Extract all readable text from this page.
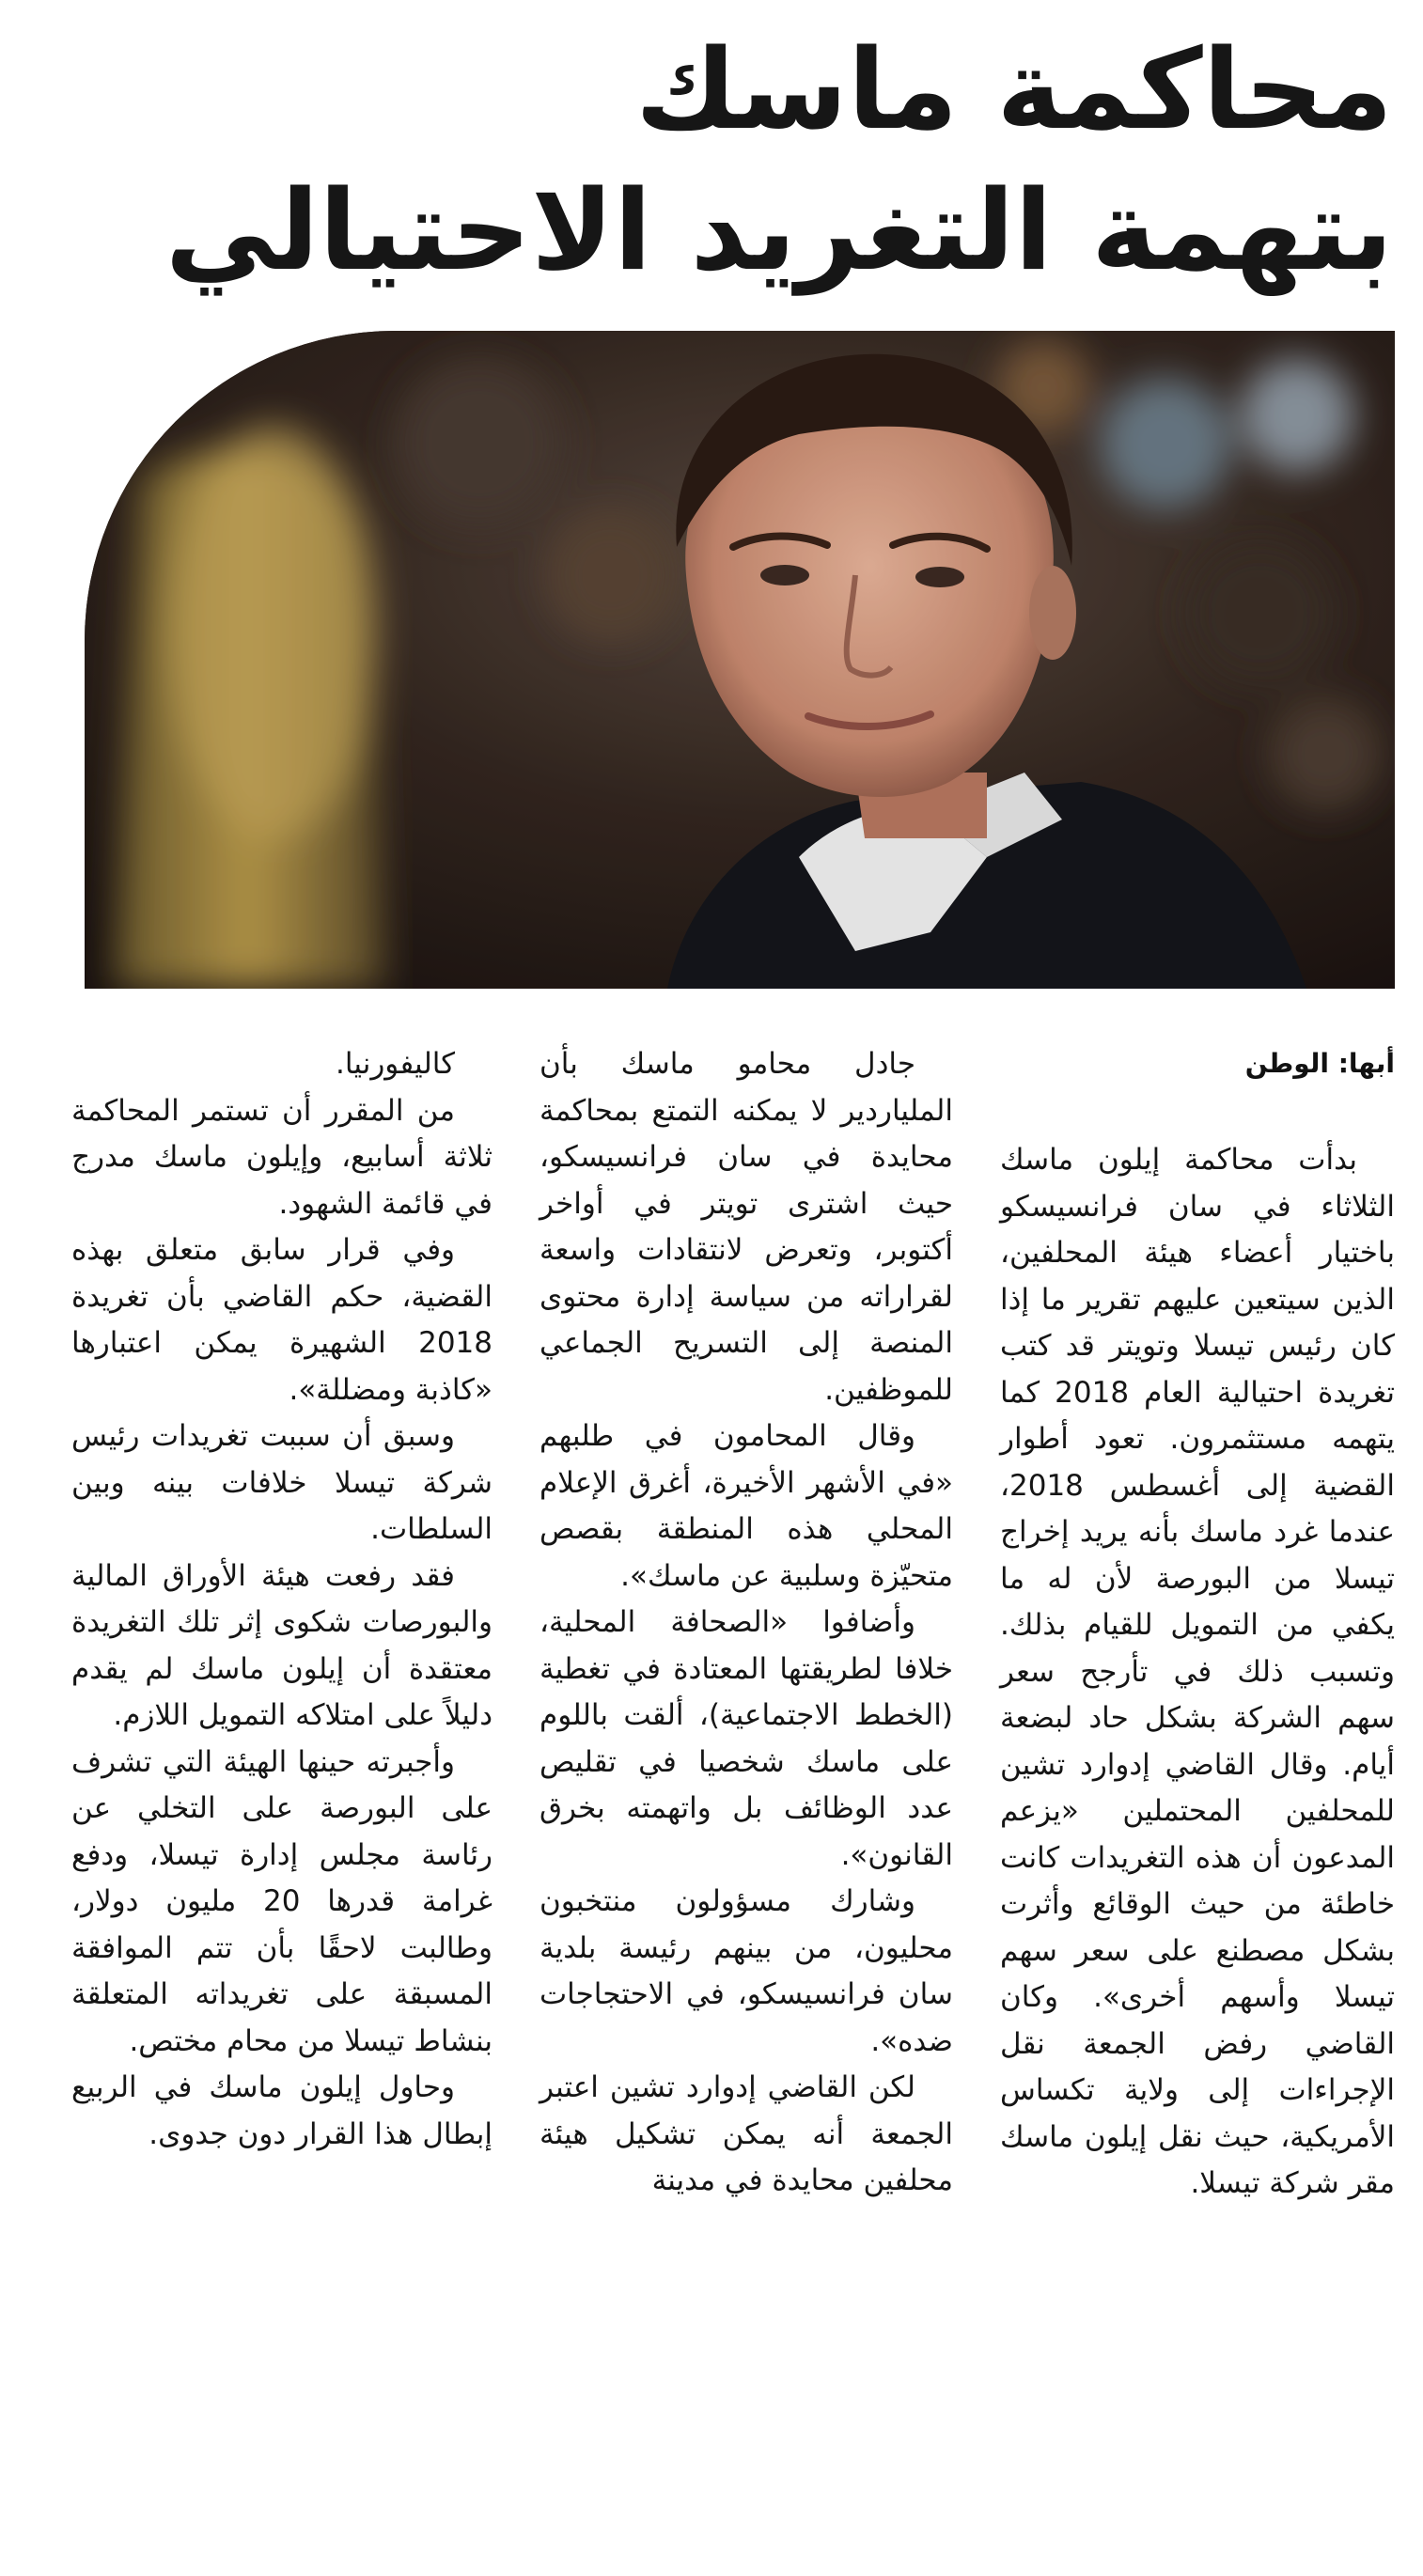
محاكمة ماسك
بتهمة التغريد الاحتيالي
أبها: الوطن

بدأت محاكمة إيلون ماسك الثلاثاء في سان فرانسيسكو باختيار أعضاء هيئة المحلفين، الذين سيتعين عليهم تقرير ما إذا كان رئيس تيسلا وتويتر قد كتب تغريدة احتيالية العام 2018 كما يتهمه مستثمرون. تعود أطوار القضية إلى أغسطس 2018، عندما غرد ماسك بأنه يريد إخراج تيسلا من البورصة لأن له ما يكفي من التمويل للقيام بذلك. وتسبب ذلك في تأرجح سعر سهم الشركة بشكل حاد لبضعة أيام. وقال القاضي إدوارد تشين للمحلفين المحتملين «يزعم المدعون أن هذه التغريدات كانت خاطئة من حيث الوقائع وأثرت بشكل مصطنع على سعر سهم تيسلا وأسهم أخرى». وكان القاضي رفض الجمعة نقل الإجراءات إلى ولاية تكساس الأمريكية، حيث نقل إيلون ماسك مقر شركة تيسلا.

جادل محامو ماسك بأن الملياردير لا يمكنه التمتع بمحاكمة محايدة في سان فرانسيسكو، حيث اشترى تويتر في أواخر أكتوبر، وتعرض لانتقادات واسعة لقراراته من سياسة إدارة محتوى المنصة إلى التسريح الجماعي للموظفين.

وقال المحامون في طلبهم «في الأشهر الأخيرة، أغرق الإعلام المحلي هذه المنطقة بقصص متحيّزة وسلبية عن ماسك».

وأضافوا «الصحافة المحلية، خلافا لطريقتها المعتادة في تغطية (الخطط الاجتماعية)، ألقت باللوم على ماسك شخصيا في تقليص عدد الوظائف بل واتهمته بخرق القانون».

وشارك مسؤولون منتخبون محليون، من بينهم رئيسة بلدية سان فرانسيسكو، في الاحتجاجات ضده».

لكن القاضي إدوارد تشين اعتبر الجمعة أنه يمكن تشكيل هيئة محلفين محايدة في مدينة

كاليفورنيا.

من المقرر أن تستمر المحاكمة ثلاثة أسابيع، وإيلون ماسك مدرج في قائمة الشهود.

وفي قرار سابق متعلق بهذه القضية، حكم القاضي بأن تغريدة 2018 الشهيرة يمكن اعتبارها «كاذبة ومضللة».

وسبق أن سببت تغريدات رئيس شركة تيسلا خلافات بينه وبين السلطات.

فقد رفعت هيئة الأوراق المالية والبورصات شكوى إثر تلك التغريدة معتقدة أن إيلون ماسك لم يقدم دليلاً على امتلاكه التمويل اللازم.

وأجبرته حينها الهيئة التي تشرف على البورصة على التخلي عن رئاسة مجلس إدارة تيسلا، ودفع غرامة قدرها 20 مليون دولار، وطالبت لاحقًا بأن تتم الموافقة المسبقة على تغريداته المتعلقة بنشاط تيسلا من محام مختص.

وحاول إيلون ماسك في الربيع إبطال هذا القرار دون جدوى.
